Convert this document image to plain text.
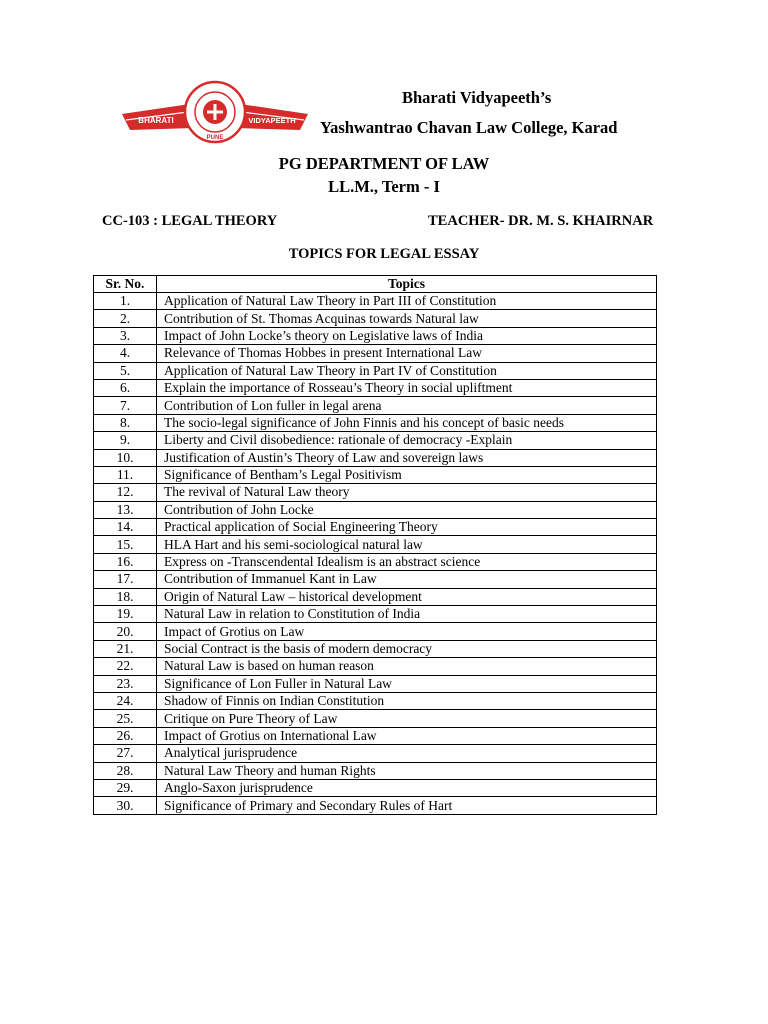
BHARATI	VIDYAPEETH
PUNE
Bharati Vidyapeeth’s
Yashwantrao Chavan Law College, Karad
PG DEPARTMENT OF LAW
LL.M., Term - I
CC-103 : LEGAL THEORY	TEACHER- DR. M. S. KHAIRNAR
TOPICS FOR LEGAL ESSAY
Sr. No.	Topics
1.	Application of Natural Law Theory in Part III of Constitution
2.	Contribution of St. Thomas Acquinas towards Natural law
3.	Impact of John Locke’s theory on Legislative laws of India
4.	Relevance of Thomas Hobbes in present International Law
5.	Application of Natural Law Theory in Part IV of Constitution
6.	Explain the importance of Rosseau’s Theory in social upliftment
7.	Contribution of Lon fuller in legal arena
8.	The socio-legal significance of John Finnis and his concept of basic needs
9.	Liberty and Civil disobedience: rationale of democracy -Explain
10.	Justification of Austin’s Theory of Law and sovereign laws
11.	Significance of Bentham’s Legal Positivism
12.	The revival of Natural Law theory
13.	Contribution of John Locke
14.	Practical application of Social Engineering Theory
15.	HLA Hart and his semi-sociological natural law
16.	Express on -Transcendental Idealism is an abstract science
17.	Contribution of Immanuel Kant in Law
18.	Origin of Natural Law – historical development
19.	Natural Law in relation to Constitution of India
20.	Impact of Grotius on Law
21.	Social Contract is the basis of modern democracy
22.	Natural Law is based on human reason
23.	Significance of Lon Fuller in Natural Law
24.	Shadow of Finnis on Indian Constitution
25.	Critique on Pure Theory of Law
26.	Impact of Grotius on International Law
27.	Analytical jurisprudence
28.	Natural Law Theory and human Rights
29.	Anglo-Saxon jurisprudence
30.	Significance of Primary and Secondary Rules of Hart
